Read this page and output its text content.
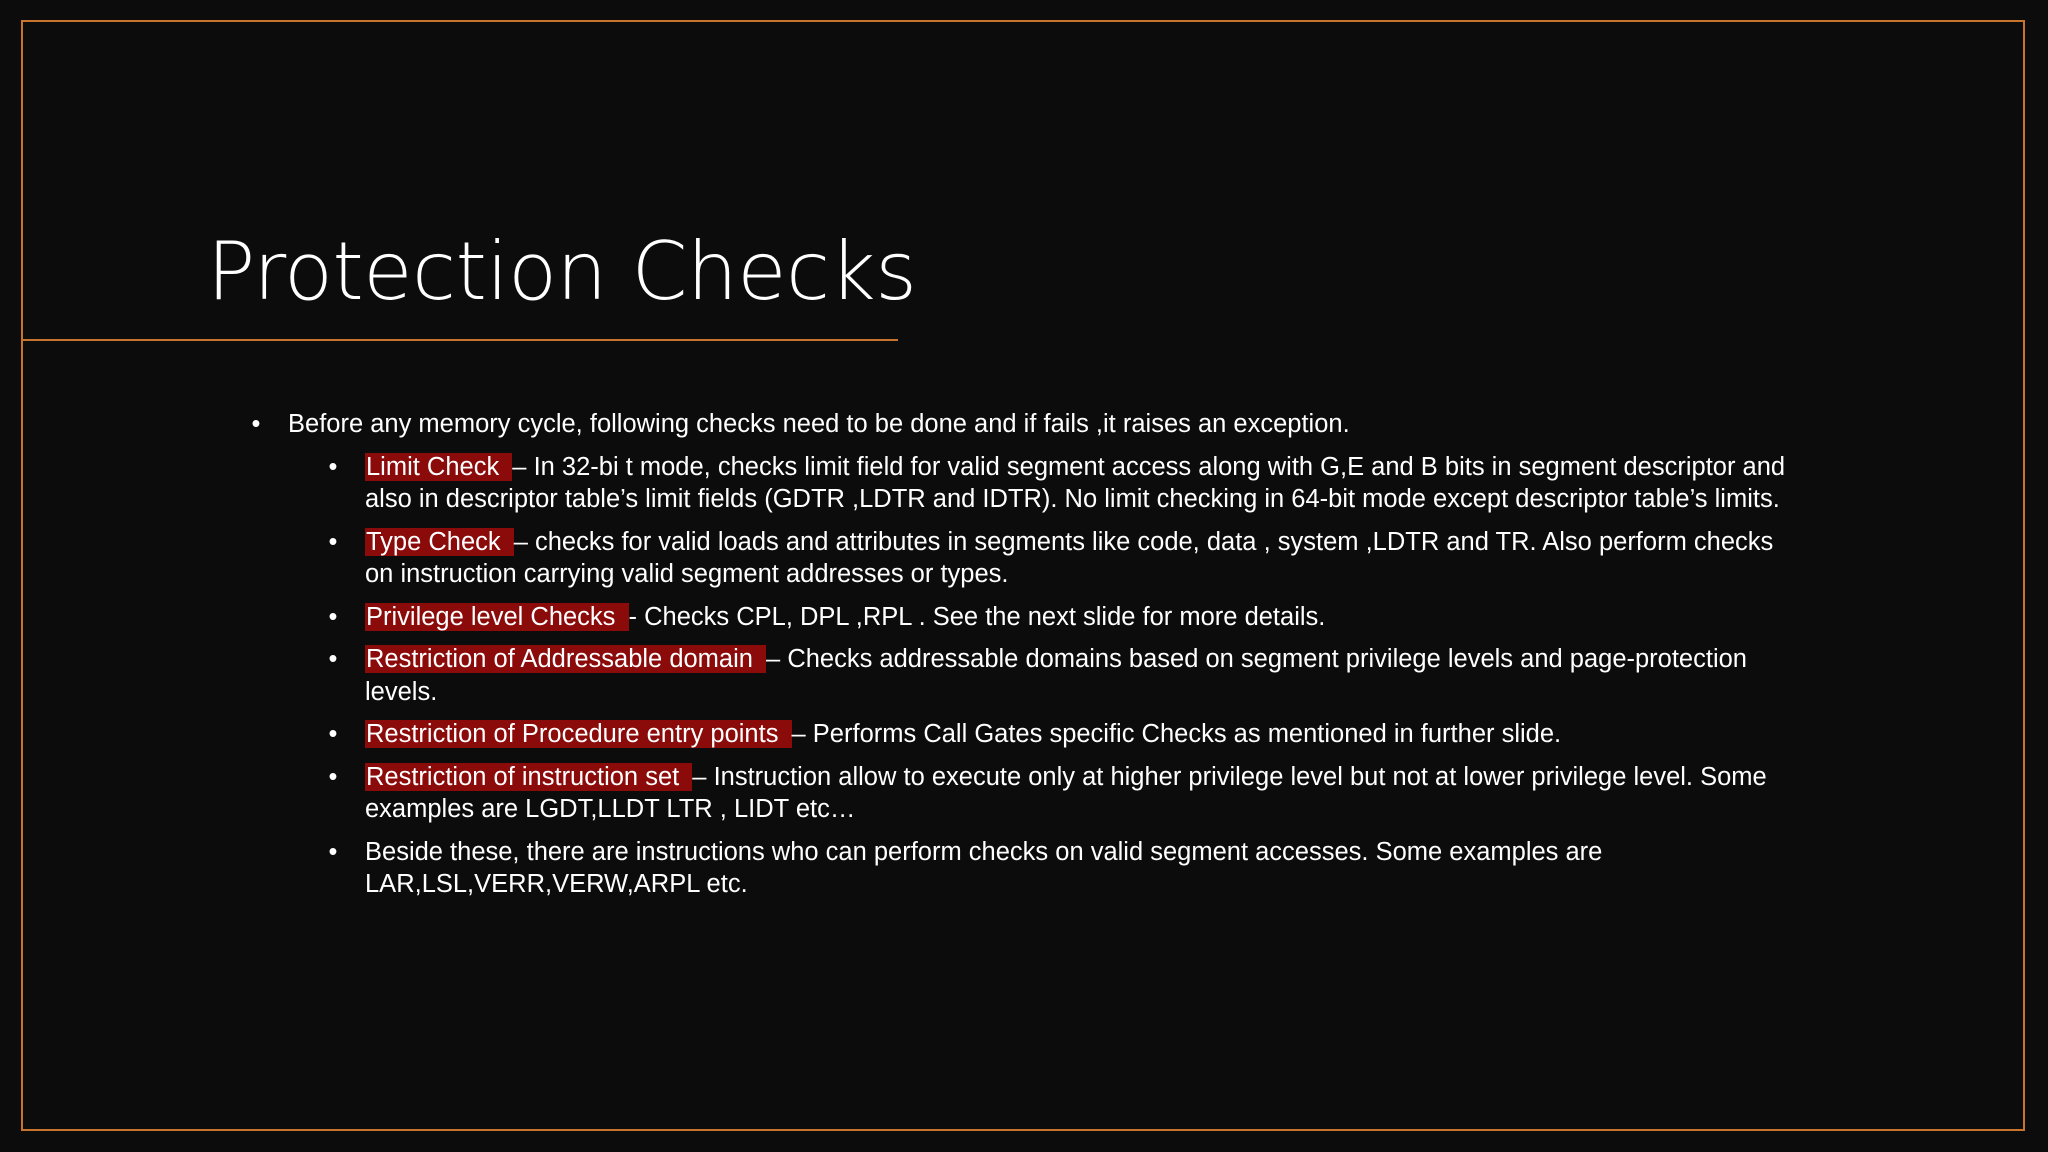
Protection Checks
• Before any memory cycle, following checks need to be done and if fails ,it raises an exception.
• Limit Check – In 32-bi t mode, checks limit field for valid segment access along with G,E and B bits in segment descriptor and also in descriptor table’s limit fields (GDTR ,LDTR and IDTR). No limit checking in 64-bit mode except descriptor table’s limits.
• Type Check – checks for valid loads and attributes in segments like code, data , system ,LDTR and TR. Also perform checks on instruction carrying valid segment addresses or types.
• Privilege level Checks - Checks CPL, DPL ,RPL . See the next slide for more details.
• Restriction of Addressable domain – Checks addressable domains based on segment privilege levels and page-protection levels.
• Restriction of Procedure entry points – Performs Call Gates specific Checks as mentioned in further slide.
• Restriction of instruction set – Instruction allow to execute only at higher privilege level but not at lower privilege level. Some examples are LGDT,LLDT LTR , LIDT etc…
• Beside these, there are instructions who can perform checks on valid segment accesses. Some examples are LAR,LSL,VERR,VERW,ARPL etc.
